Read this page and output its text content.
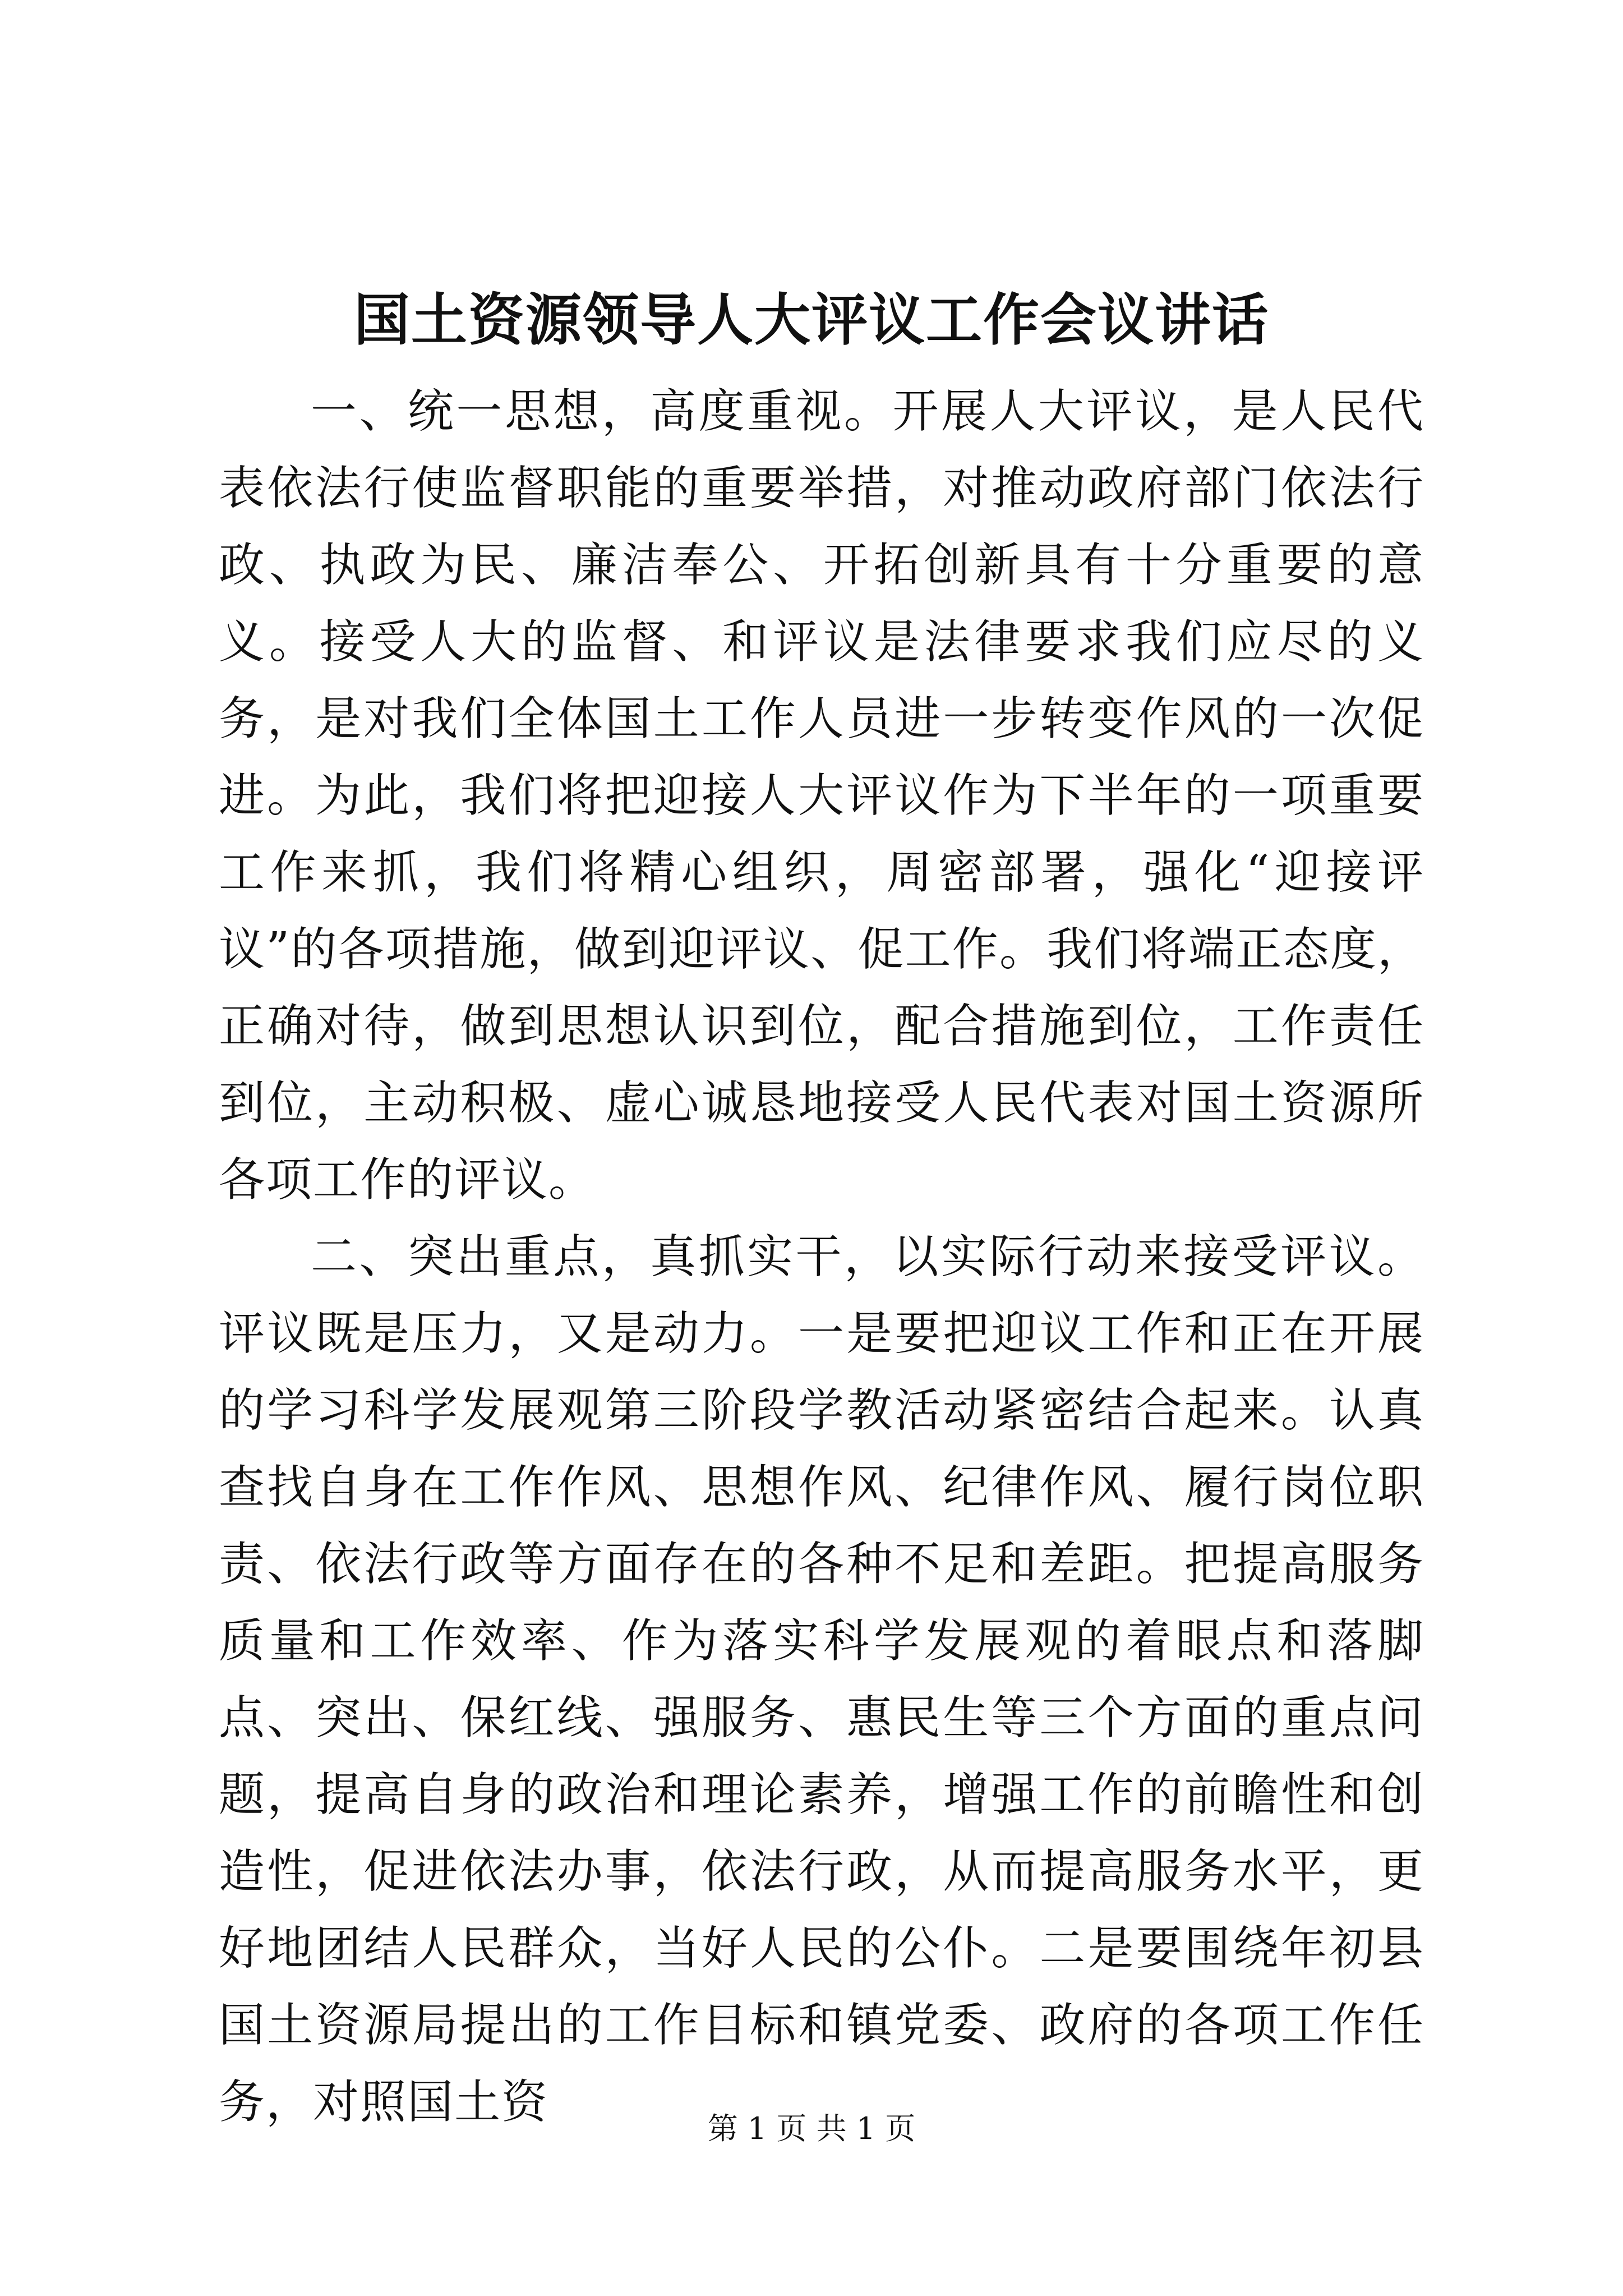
国土资源领导人大评议工作会议讲话

一、统一思想，高度重视。开展人大评议，是人民代表依法行使监督职能的重要举措，对推动政府部门依法行政、执政为民、廉洁奉公、开拓创新具有十分重要的意义。接受人大的监督、和评议是法律要求我们应尽的义务，是对我们全体国土工作人员进一步转变作风的一次促进。为此，我们将把迎接人大评议作为下半年的一项重要工作来抓，我们将精心组织，周密部署，强化“迎接评议”的各项措施，做到迎评议、促工作。我们将端正态度，正确对待，做到思想认识到位，配合措施到位，工作责任到位，主动积极、虚心诚恳地接受人民代表对国土资源所各项工作的评议。

二、突出重点，真抓实干，以实际行动来接受评议。评议既是压力，又是动力。一是要把迎议工作和正在开展的学习科学发展观第三阶段学教活动紧密结合起来。认真查找自身在工作作风、思想作风、纪律作风、履行岗位职责、依法行政等方面存在的各种不足和差距。把提高服务质量和工作效率、作为落实科学发展观的着眼点和落脚点、突出、保红线、强服务、惠民生等三个方面的重点问题，提高自身的政治和理论素养，增强工作的前瞻性和创造性，促进依法办事，依法行政，从而提高服务水平，更好地团结人民群众，当好人民的公仆。二是要围绕年初县国土资源局提出的工作目标和镇党委、政府的各项工作任务，对照国土资	第 1 页 共 1 页
